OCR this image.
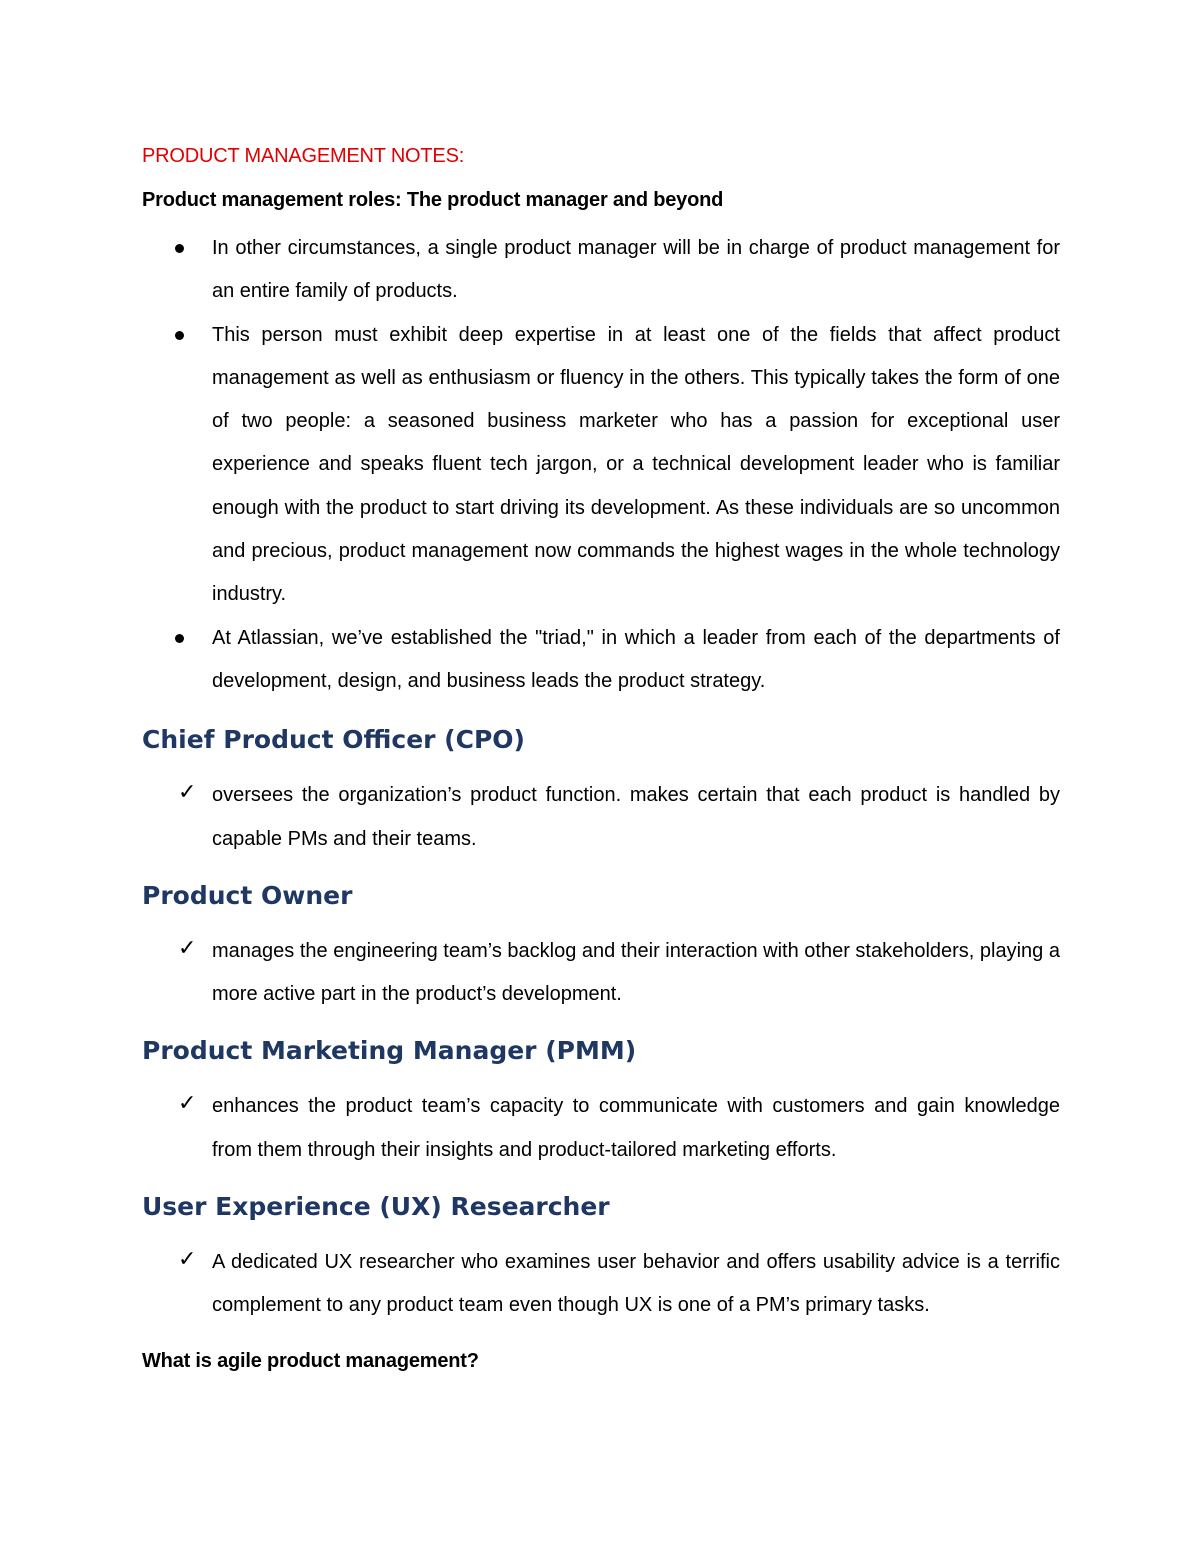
PRODUCT MANAGEMENT NOTES:

Product management roles: The product manager and beyond

In other circumstances, a single product manager will be in charge of product management for an entire family of products.
This person must exhibit deep expertise in at least one of the fields that affect product management as well as enthusiasm or fluency in the others. This typically takes the form of one of two people: a seasoned business marketer who has a passion for exceptional user experience and speaks fluent tech jargon, or a technical development leader who is familiar enough with the product to start driving its development. As these individuals are so uncommon and precious, product management now commands the highest wages in the whole technology industry.
At Atlassian, we’ve established the "triad," in which a leader from each of the departments of development, design, and business leads the product strategy.
Chief Product Officer (CPO)
✓ oversees the organization’s product function. makes certain that each product is handled by capable PMs and their teams.
Product Owner
✓ manages the engineering team’s backlog and their interaction with other stakeholders, playing a more active part in the product’s development.
Product Marketing Manager (PMM)
✓ enhances the product team’s capacity to communicate with customers and gain knowledge from them through their insights and product-tailored marketing efforts.
User Experience (UX) Researcher
✓ A dedicated UX researcher who examines user behavior and offers usability advice is a terrific complement to any product team even though UX is one of a PM’s primary tasks.

What is agile product management?
